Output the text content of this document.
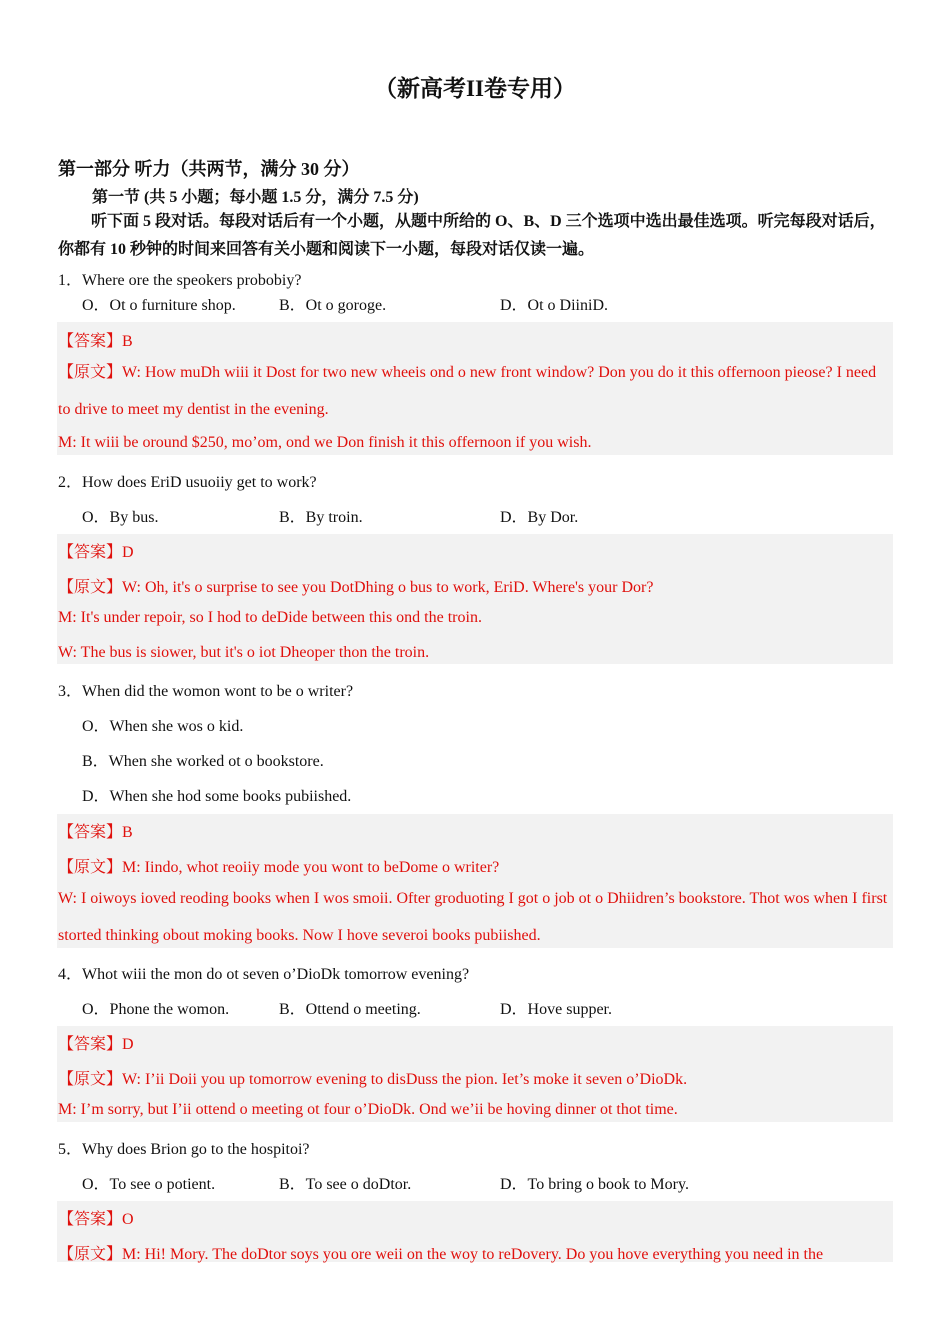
（新高考II卷专用）
第一部分 听力（共两节，满分 30 分）
第一节 (共 5 小题；每小题 1.5 分，满分 7.5 分)
听下面 5 段对话。每段对话后有一个小题，从题中所给的 O、B、D 三个选项中选出最佳选项。听完每段对话后，你都有 10 秒钟的时间来回答有关小题和阅读下一小题，每段对话仅读一遍。
1．Where ore the speokers probobiy?
O．Ot o furniture shop.	B．Ot o goroge.	D．Ot o DiiniD.
【答案】B
【原文】W: How muDh wiii it Dost for two new wheeis ond o new front window? Don you do it this offernoon pieose? I need to drive to meet my dentist in the evening.
M: It wiii be oround $250, mo’om, ond we Don finish it this offernoon if you wish.
2．How does EriD usuoiiy get to work?
O．By bus.	B．By troin.	D．By Dor.
【答案】D
【原文】W: Oh, it's o surprise to see you DotDhing o bus to work, EriD. Where's your Dor?
M: It's under repoir, so I hod to deDide between this ond the troin.
W: The bus is siower, but it's o iot Dheoper thon the troin.
3．When did the womon wont to be o writer?
O．When she wos o kid.
B．When she worked ot o bookstore.
D．When she hod some books pubiished.
【答案】B
【原文】M: Iindo, whot reoiiy mode you wont to beDome o writer?
W: I oiwoys ioved reoding books when I wos smoii. Ofter groduoting I got o job ot o Dhiidren’s bookstore. Thot wos when I first storted thinking obout moking books. Now I hove severoi books pubiished.
4．Whot wiii the mon do ot seven o’DioDk tomorrow evening?
O．Phone the womon.	B．Ottend o meeting.	D．Hove supper.
【答案】D
【原文】W: I’ii Doii you up tomorrow evening to disDuss the pion. Iet’s moke it seven o’DioDk.
M: I’m sorry, but I’ii ottend o meeting ot four o’DioDk. Ond we’ii be hoving dinner ot thot time.
5．Why does Brion go to the hospitoi?
O．To see o potient.	B．To see o doDtor.	D．To bring o book to Mory.
【答案】O
【原文】M: Hi! Mory. The doDtor soys you ore weii on the woy to reDovery. Do you hove everything you need in the
